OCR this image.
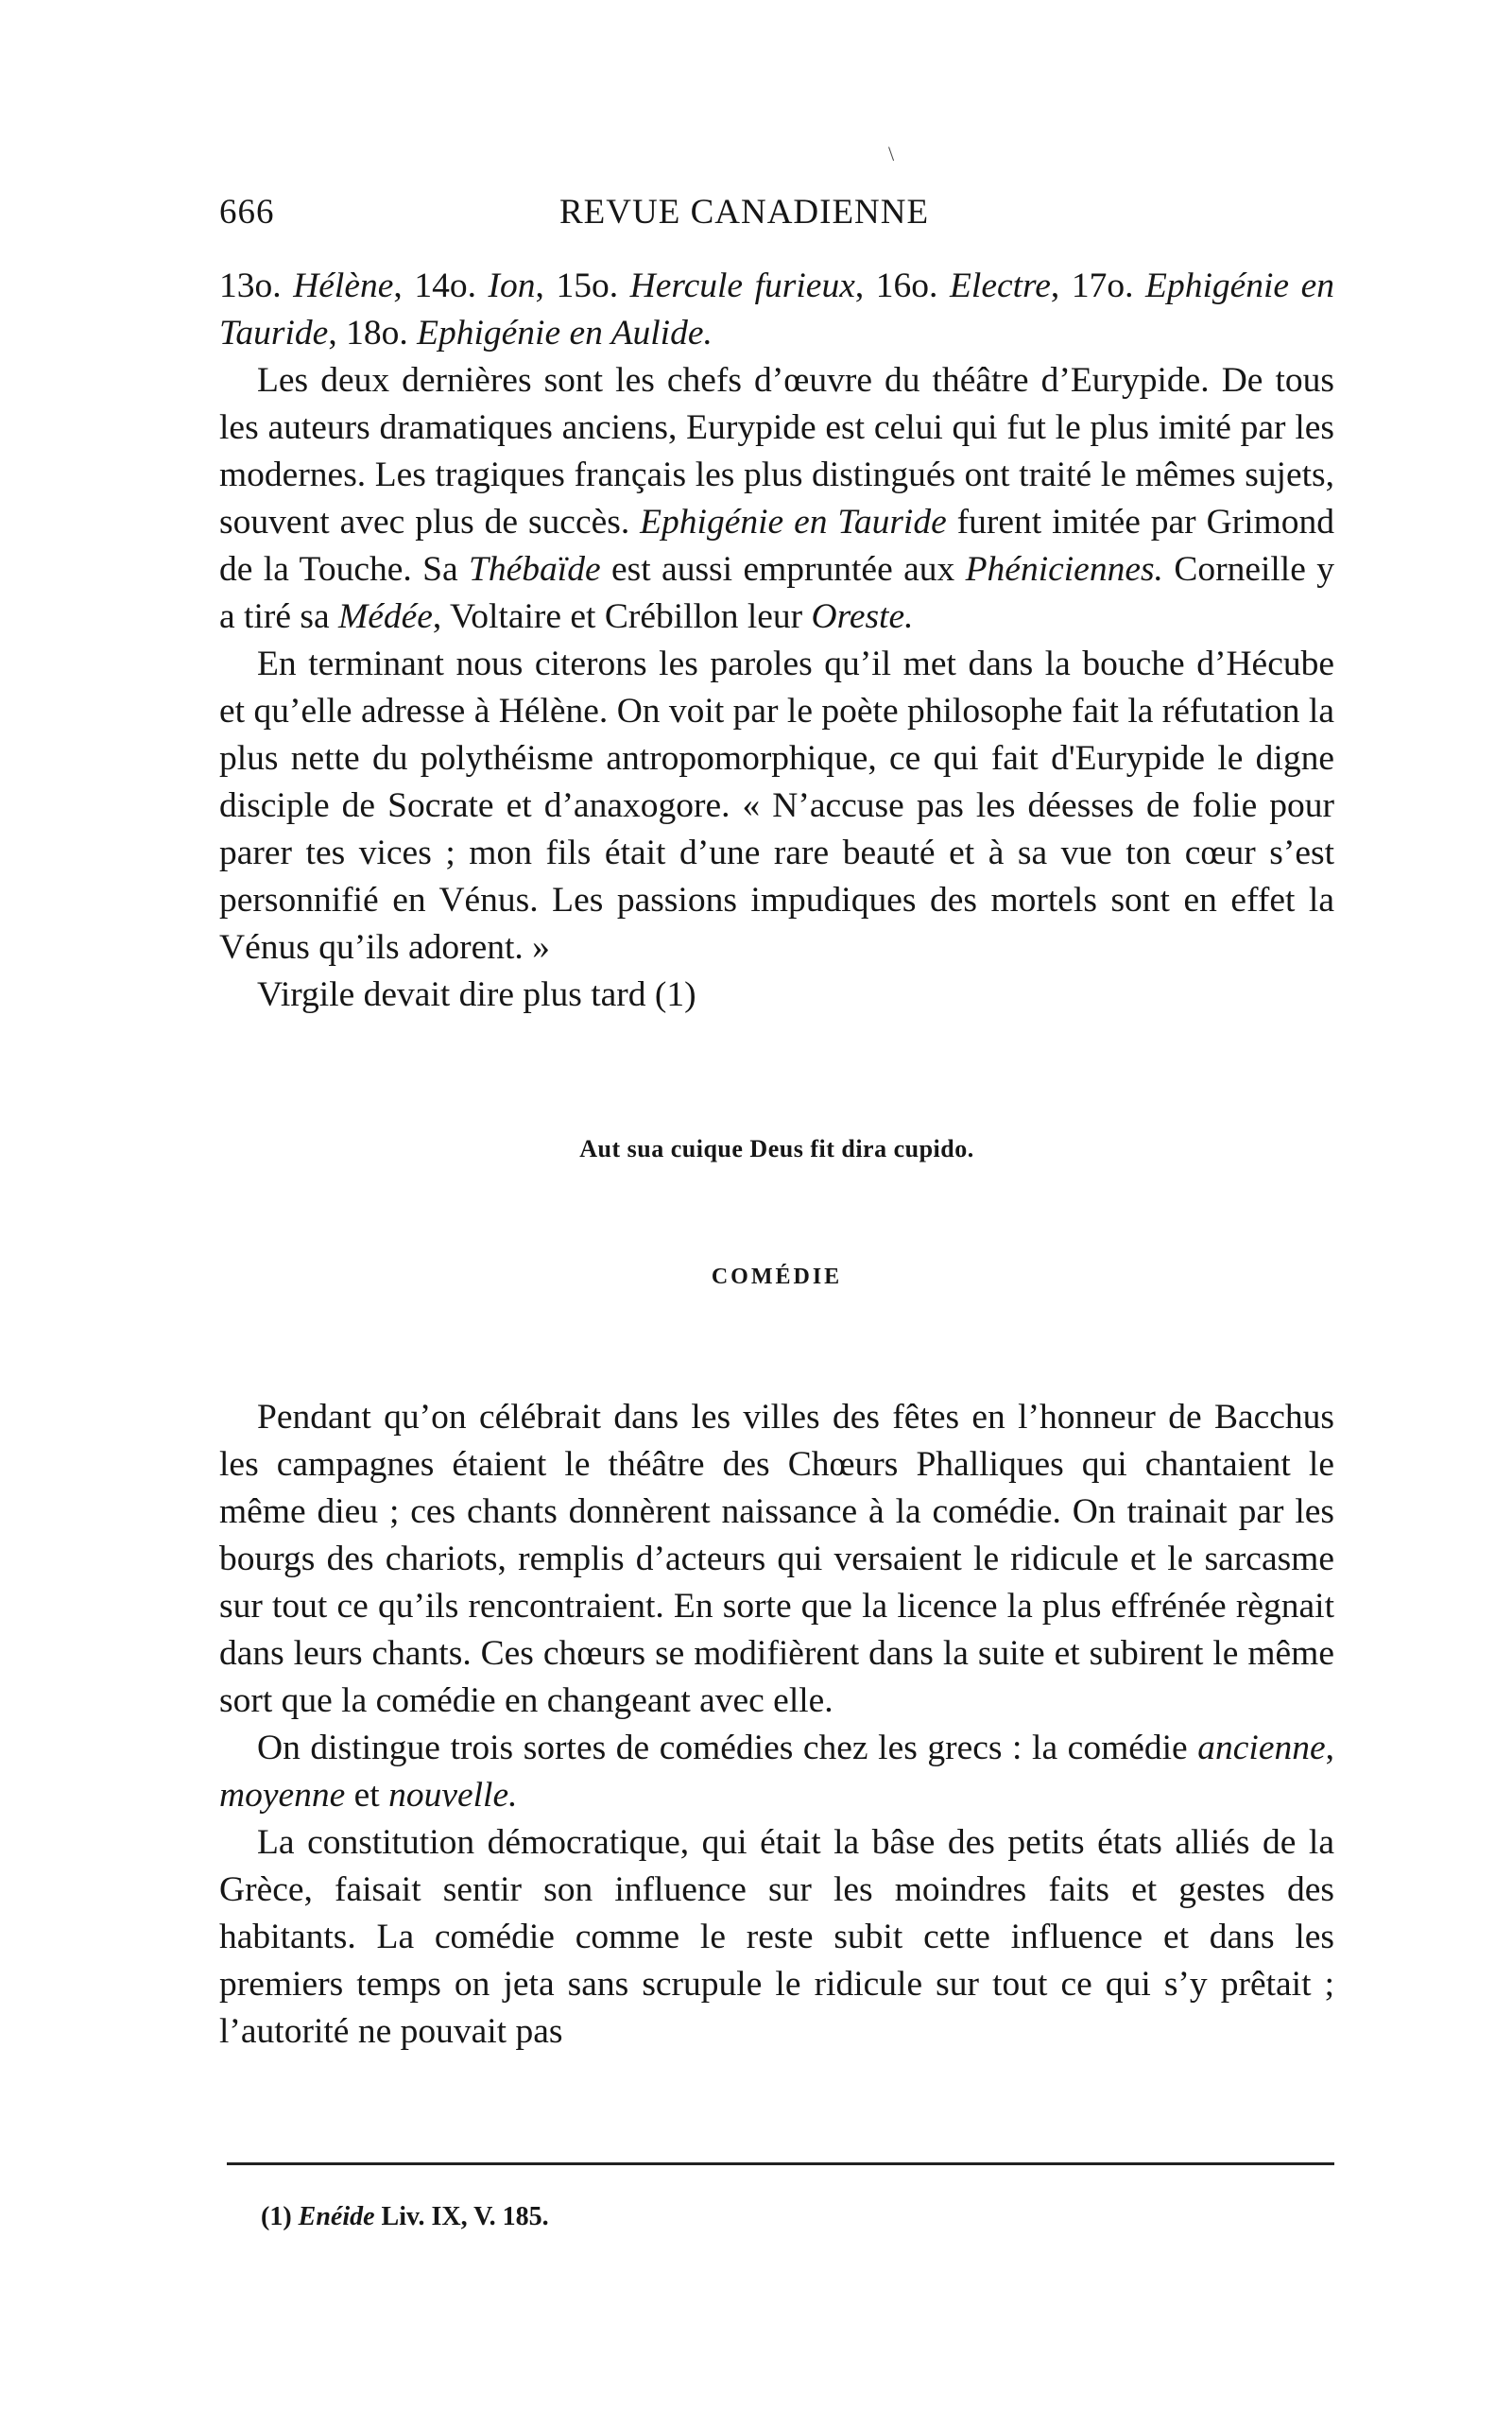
\
666	REVUE CANADIENNE

13o. Hélène, 14o. Ion, 15o. Hercule furieux, 16o. Electre, 17o. Ephigénie en Tauride, 18o. Ephigénie en Aulide.

Les deux dernières sont les chefs d’œuvre du théâtre d’Eurypide. De tous les auteurs dramatiques anciens, Eurypide est celui qui fut le plus imité par les modernes. Les tragiques français les plus distingués ont traité le mêmes sujets, souvent avec plus de succès. Ephigénie en Tauride furent imitée par Grimond de la Touche. Sa Thébaïde est aussi empruntée aux Phéniciennes. Corneille y a tiré sa Médée, Voltaire et Crébillon leur Oreste.

En terminant nous citerons les paroles qu’il met dans la bouche d’Hécube et qu’elle adresse à Hélène. On voit par le poète philosophe fait la réfutation la plus nette du polythéisme antropomorphique, ce qui fait d'Eurypide le digne disciple de Socrate et d’anaxogore. « N’accuse pas les déesses de folie pour parer tes vices ; mon fils était d’une rare beauté et à sa vue ton cœur s’est personnifié en Vénus. Les passions impudiques des mortels sont en effet la Vénus qu’ils adorent. »

Virgile devait dire plus tard (1)

Aut sua cuique Deus fit dira cupido.
COMÉDIE

Pendant qu’on célébrait dans les villes des fêtes en l’honneur de Bacchus les campagnes étaient le théâtre des Chœurs Phalliques qui chantaient le même dieu ; ces chants donnèrent naissance à la comédie. On trainait par les bourgs des chariots, remplis d’acteurs qui versaient le ridicule et le sarcasme sur tout ce qu’ils rencontraient. En sorte que la licence la plus effrénée règnait dans leurs chants. Ces chœurs se modifièrent dans la suite et subirent le même sort que la comédie en changeant avec elle.

On distingue trois sortes de comédies chez les grecs : la comédie ancienne, moyenne et nouvelle.

La constitution démocratique, qui était la bâse des petits états alliés de la Grèce, faisait sentir son influence sur les moindres faits et gestes des habitants. La comédie comme le reste subit cette influence et dans les premiers temps on jeta sans scrupule le ridicule sur tout ce qui s’y prêtait ; l’autorité ne pouvait pas

(1) Enéide Liv. IX, V. 185.
